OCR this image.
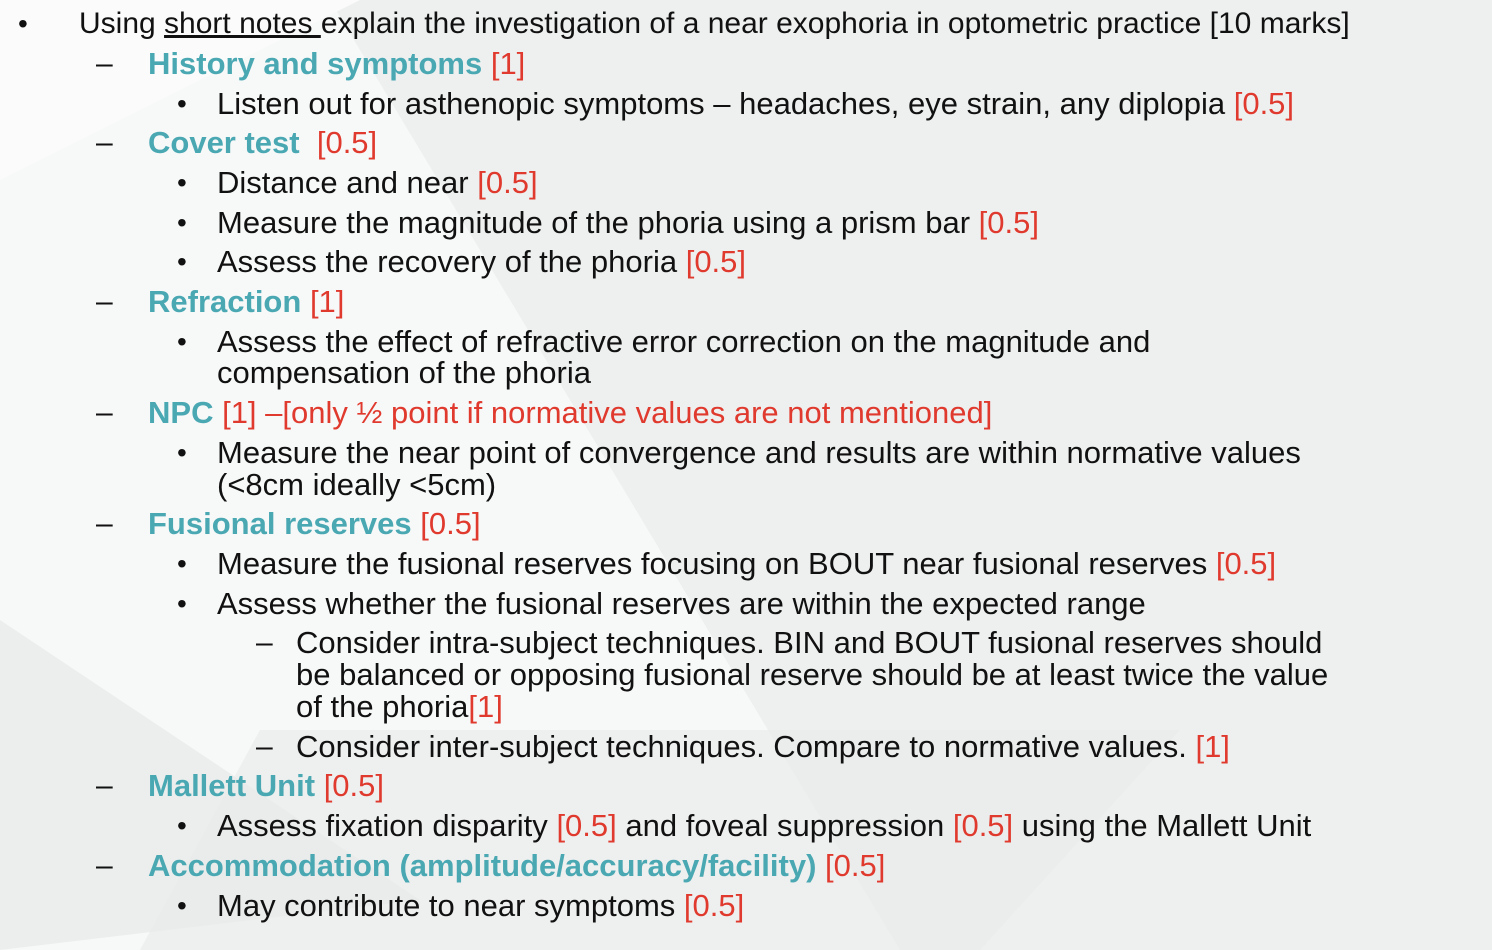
• Using short notes explain the investigation of a near exophoria in optometric practice [10 marks]
– History and symptoms [1]
• Listen out for asthenopic symptoms – headaches, eye strain, any diplopia [0.5]
– Cover test [0.5]
• Distance and near [0.5]
• Measure the magnitude of the phoria using a prism bar [0.5]
• Assess the recovery of the phoria [0.5]
– Refraction [1]
• Assess the effect of refractive error correction on the magnitude and
compensation of the phoria
– NPC [1] –[only ½ point if normative values are not mentioned]
• Measure the near point of convergence and results are within normative values
(<8cm ideally <5cm)
– Fusional reserves [0.5]
• Measure the fusional reserves focusing on BOUT near fusional reserves [0.5]
• Assess whether the fusional reserves are within the expected range
– Consider intra-subject techniques. BIN and BOUT fusional reserves should
be balanced or opposing fusional reserve should be at least twice the value
of the phoria[1]
– Consider inter-subject techniques. Compare to normative values. [1]
– Mallett Unit [0.5]
• Assess fixation disparity [0.5] and foveal suppression [0.5] using the Mallett Unit
– Accommodation (amplitude/accuracy/facility) [0.5]
• May contribute to near symptoms [0.5]
